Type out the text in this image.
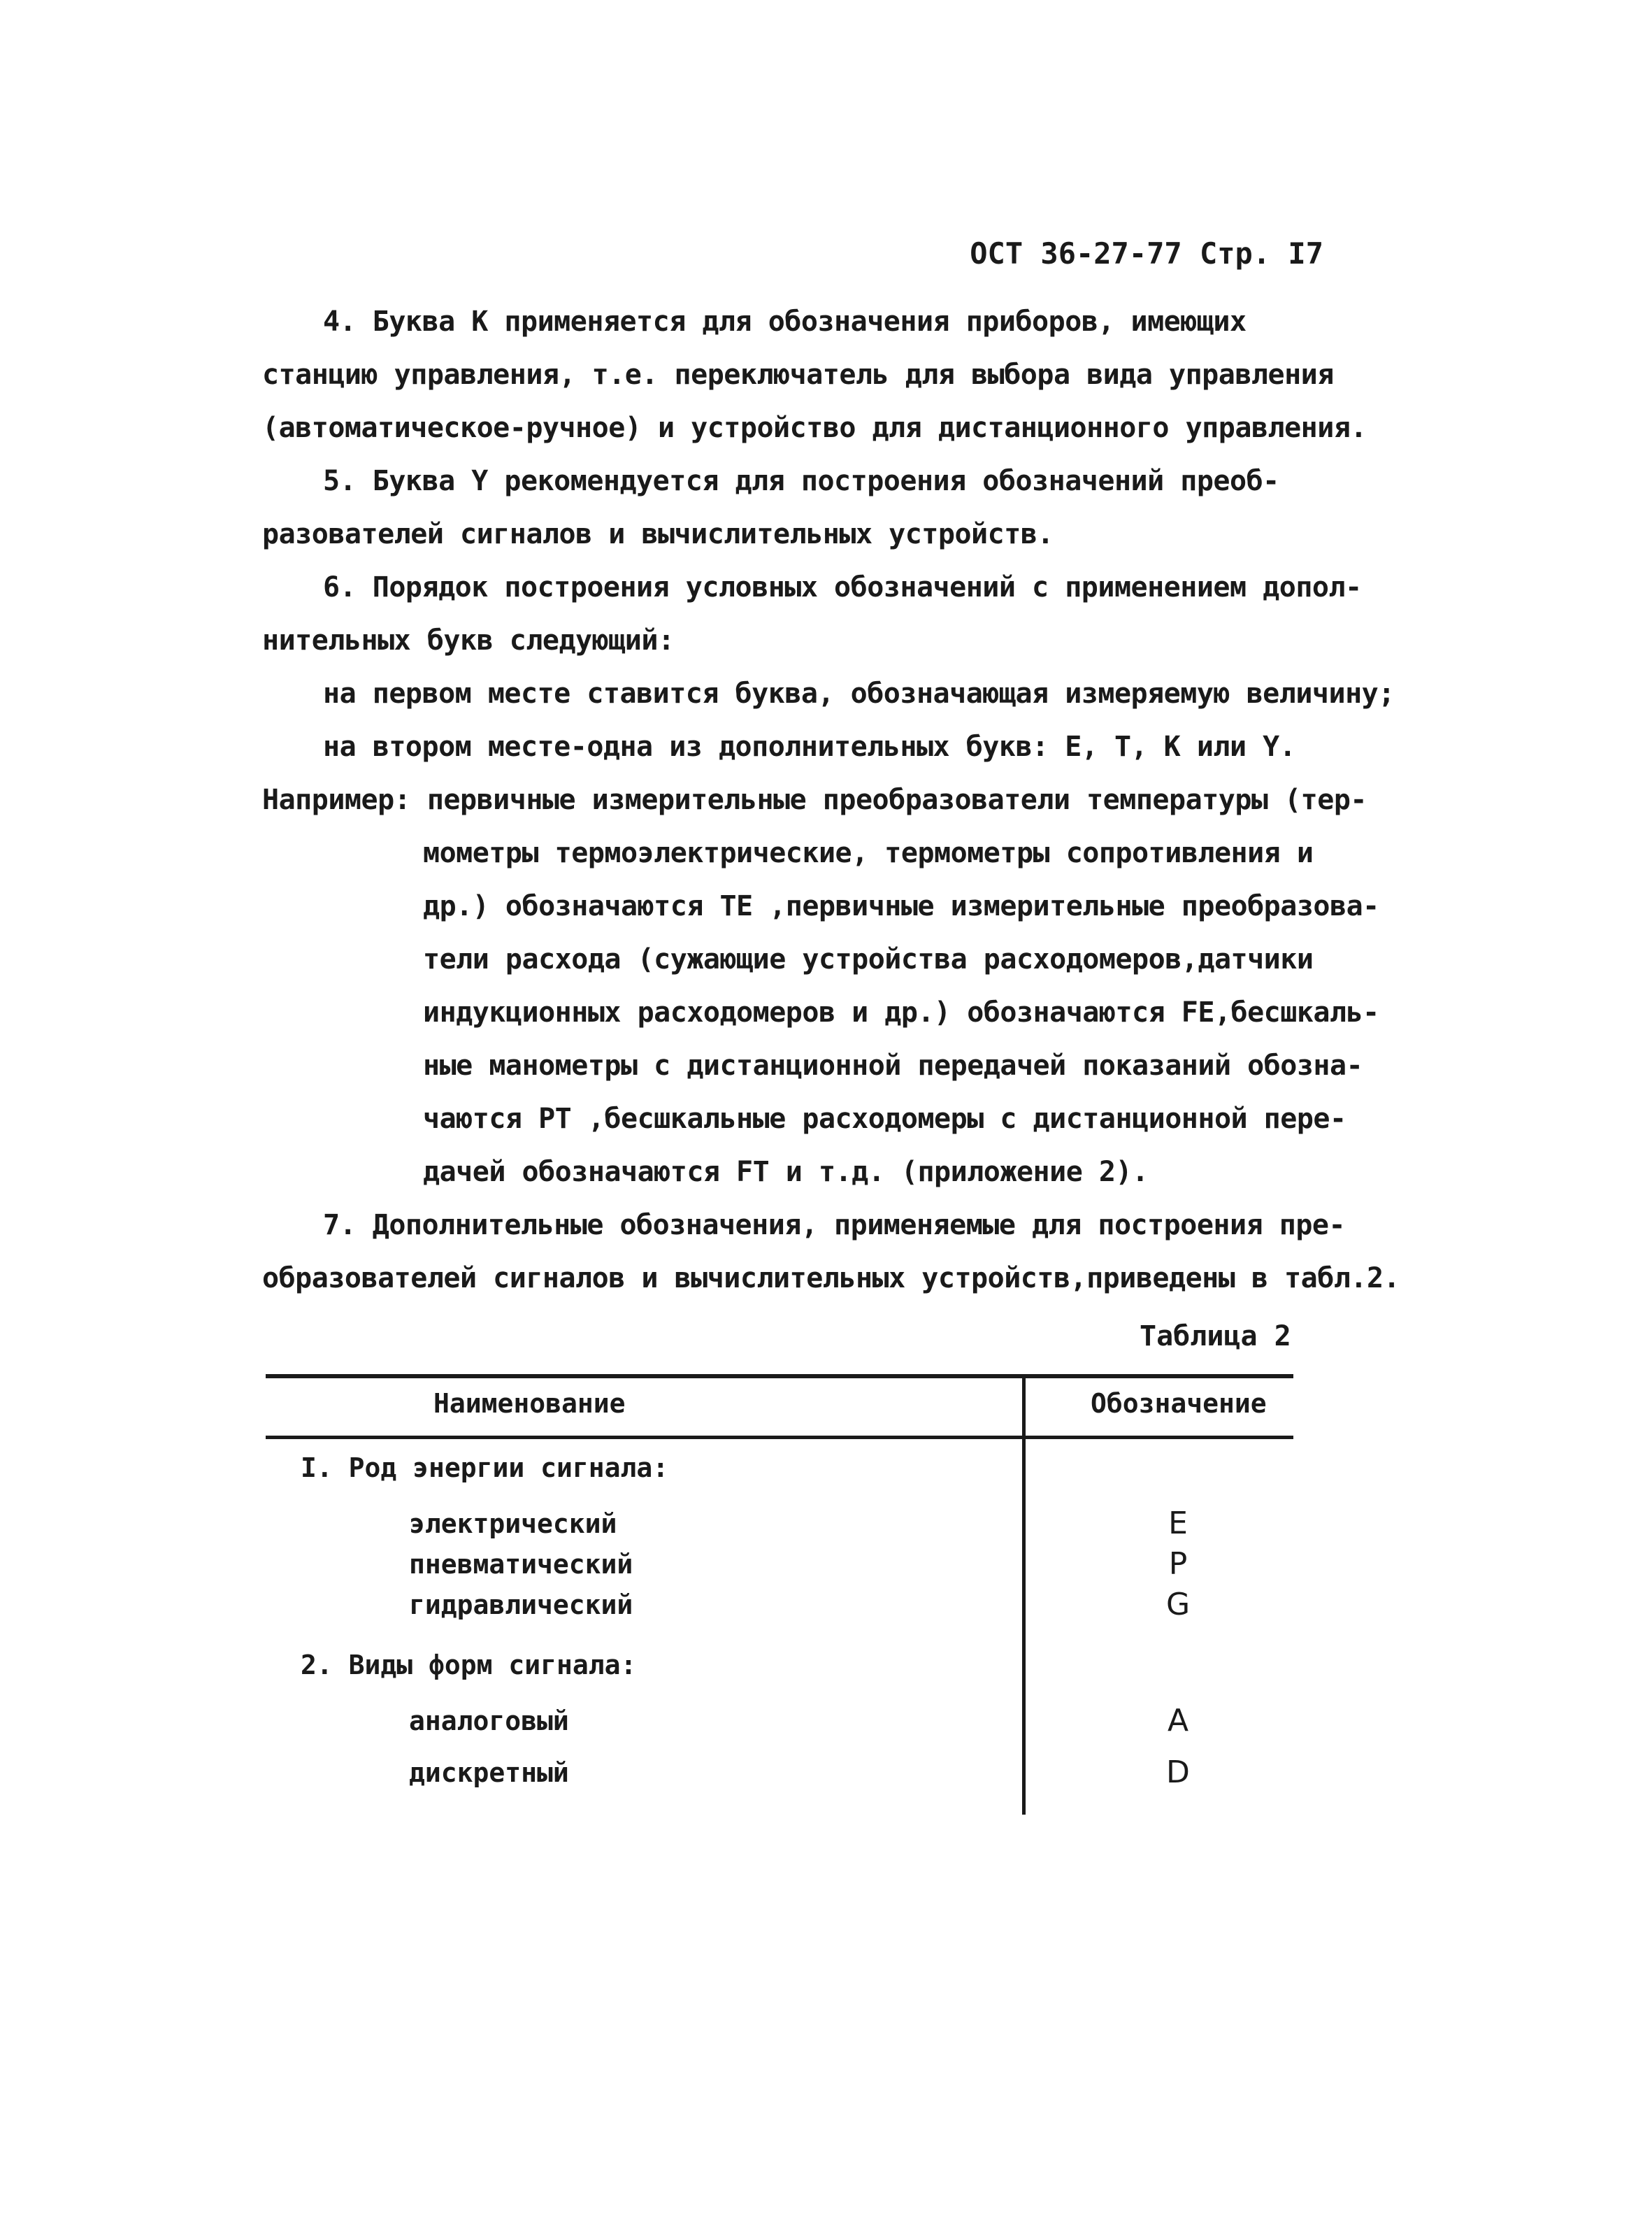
ОСТ 36-27-77 Стр. I7
4. Буква K применяется для обозначения приборов, имеющих
станцию управления, т.е. переключатель для выбора вида управления
(автоматическое-ручное) и устройство для дистанционного управления.
5. Буква Y рекомендуется для построения обозначений преоб-
разователей сигналов и вычислительных устройств.
6. Порядок построения условных обозначений с применением допол-
нительных букв следующий:
на первом месте ставится буква, обозначающая измеряемую величину;
на втором месте-одна из дополнительных букв: E, T, K или Y.
Например: первичные измерительные преобразователи температуры (тер-
мометры термоэлектрические, термометры сопротивления и
др.) обозначаются TE ,первичные измерительные преобразова-
тели расхода (сужающие устройства расходомеров,датчики
индукционных расходомеров и др.) обозначаются FE,бесшкаль-
ные манометры с дистанционной передачей показаний обозна-
чаются PT ,бесшкальные расходомеры с дистанционной пере-
дачей обозначаются FT и т.д. (приложение 2).
7. Дополнительные обозначения, применяемые для построения пре-
образователей сигналов и вычислительных устройств,приведены в табл.2.
Таблица 2
Наименование	Обозначение
I. Род энергии сигнала:
электрический	E
пневматический	P
гидравлический	G
2. Виды форм сигнала:
аналоговый	A
дискретный	D
